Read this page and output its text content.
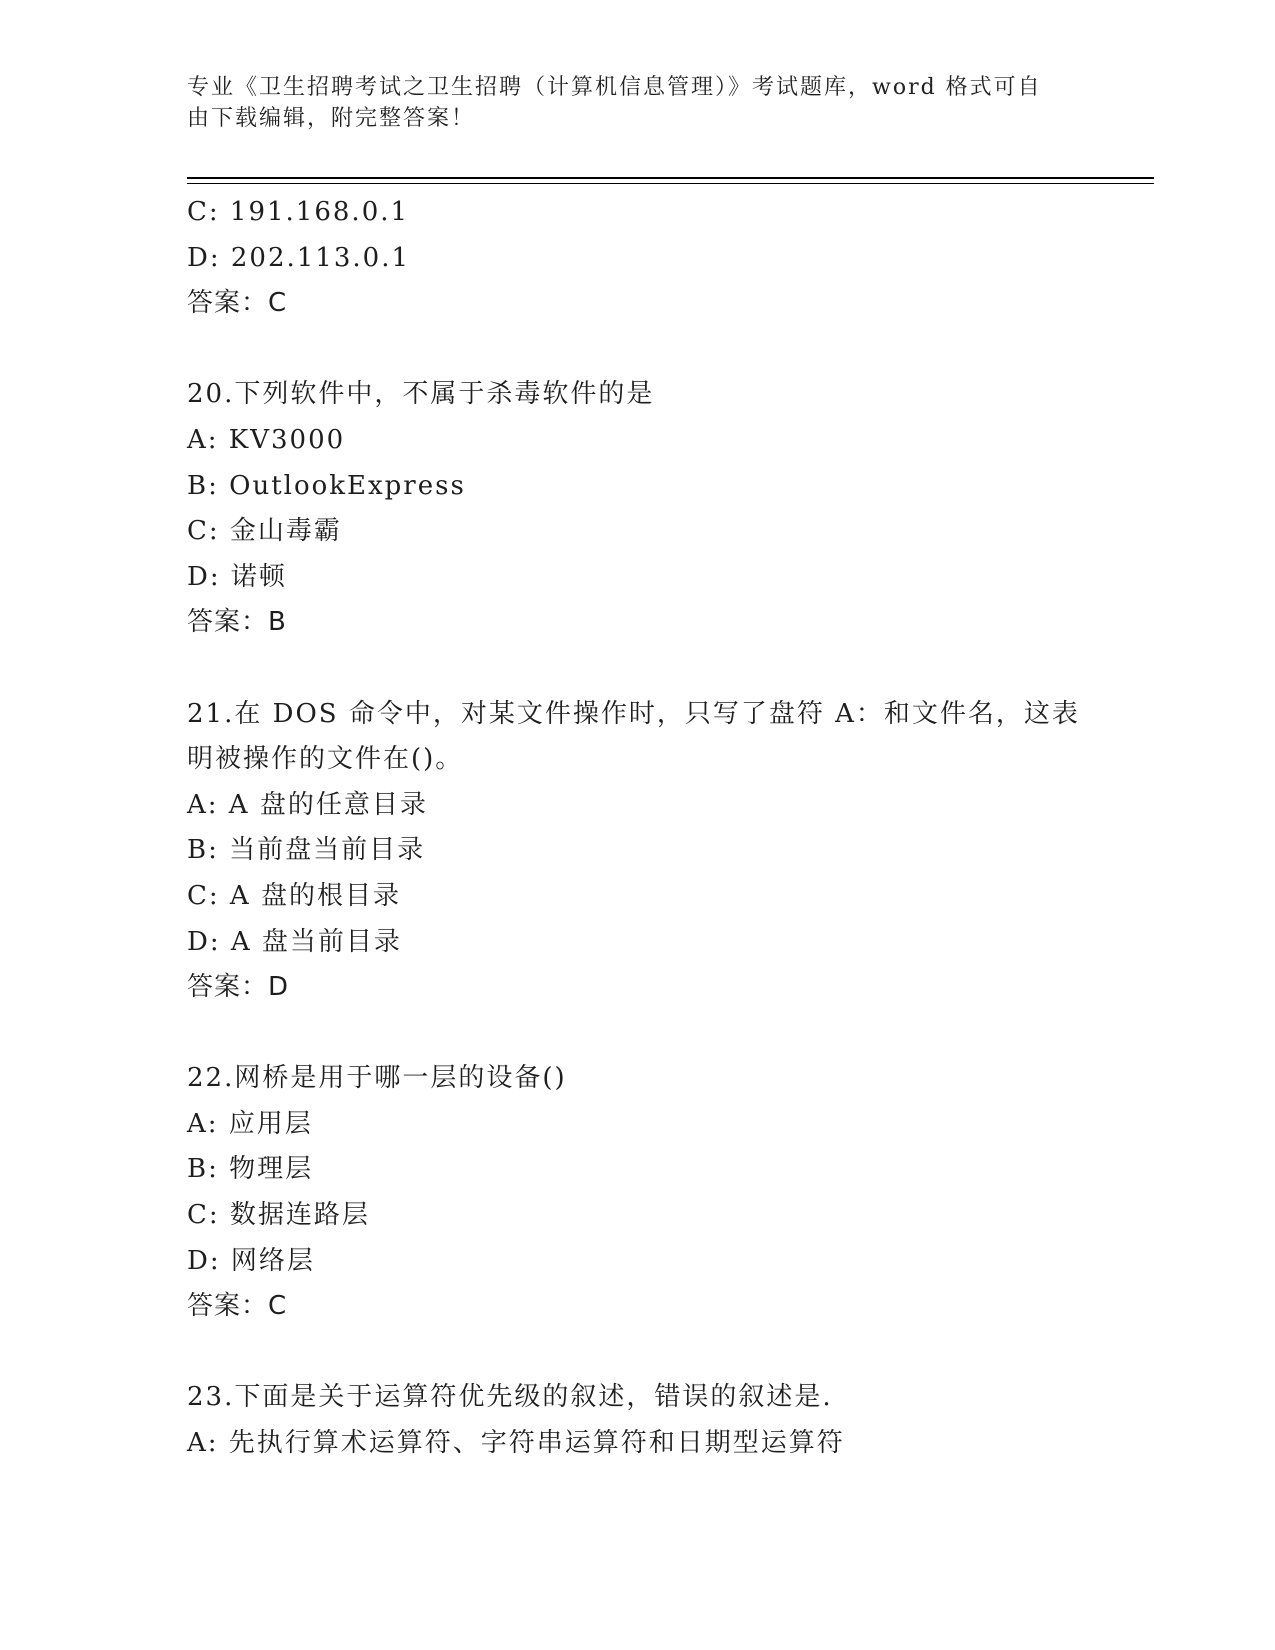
专业《卫生招聘考试之卫生招聘（计算机信息管理）》考试题库，word 格式可自
由下载编辑，附完整答案！
C: 191.168.0.1
D: 202.113.0.1
答案：C
20.下列软件中，不属于杀毒软件的是
A: KV3000
B: OutlookExpress
C: 金山毒霸
D: 诺顿
答案：B
21.在 DOS 命令中，对某文件操作时，只写了盘符 A：和文件名，这表
明被操作的文件在()。
A: A 盘的任意目录
B: 当前盘当前目录
C: A 盘的根目录
D: A 盘当前目录
答案：D
22.网桥是用于哪一层的设备()
A: 应用层
B: 物理层
C: 数据连路层
D: 网络层
答案：C
23.下面是关于运算符优先级的叙述，错误的叙述是.
A: 先执行算术运算符、字符串运算符和日期型运算符
